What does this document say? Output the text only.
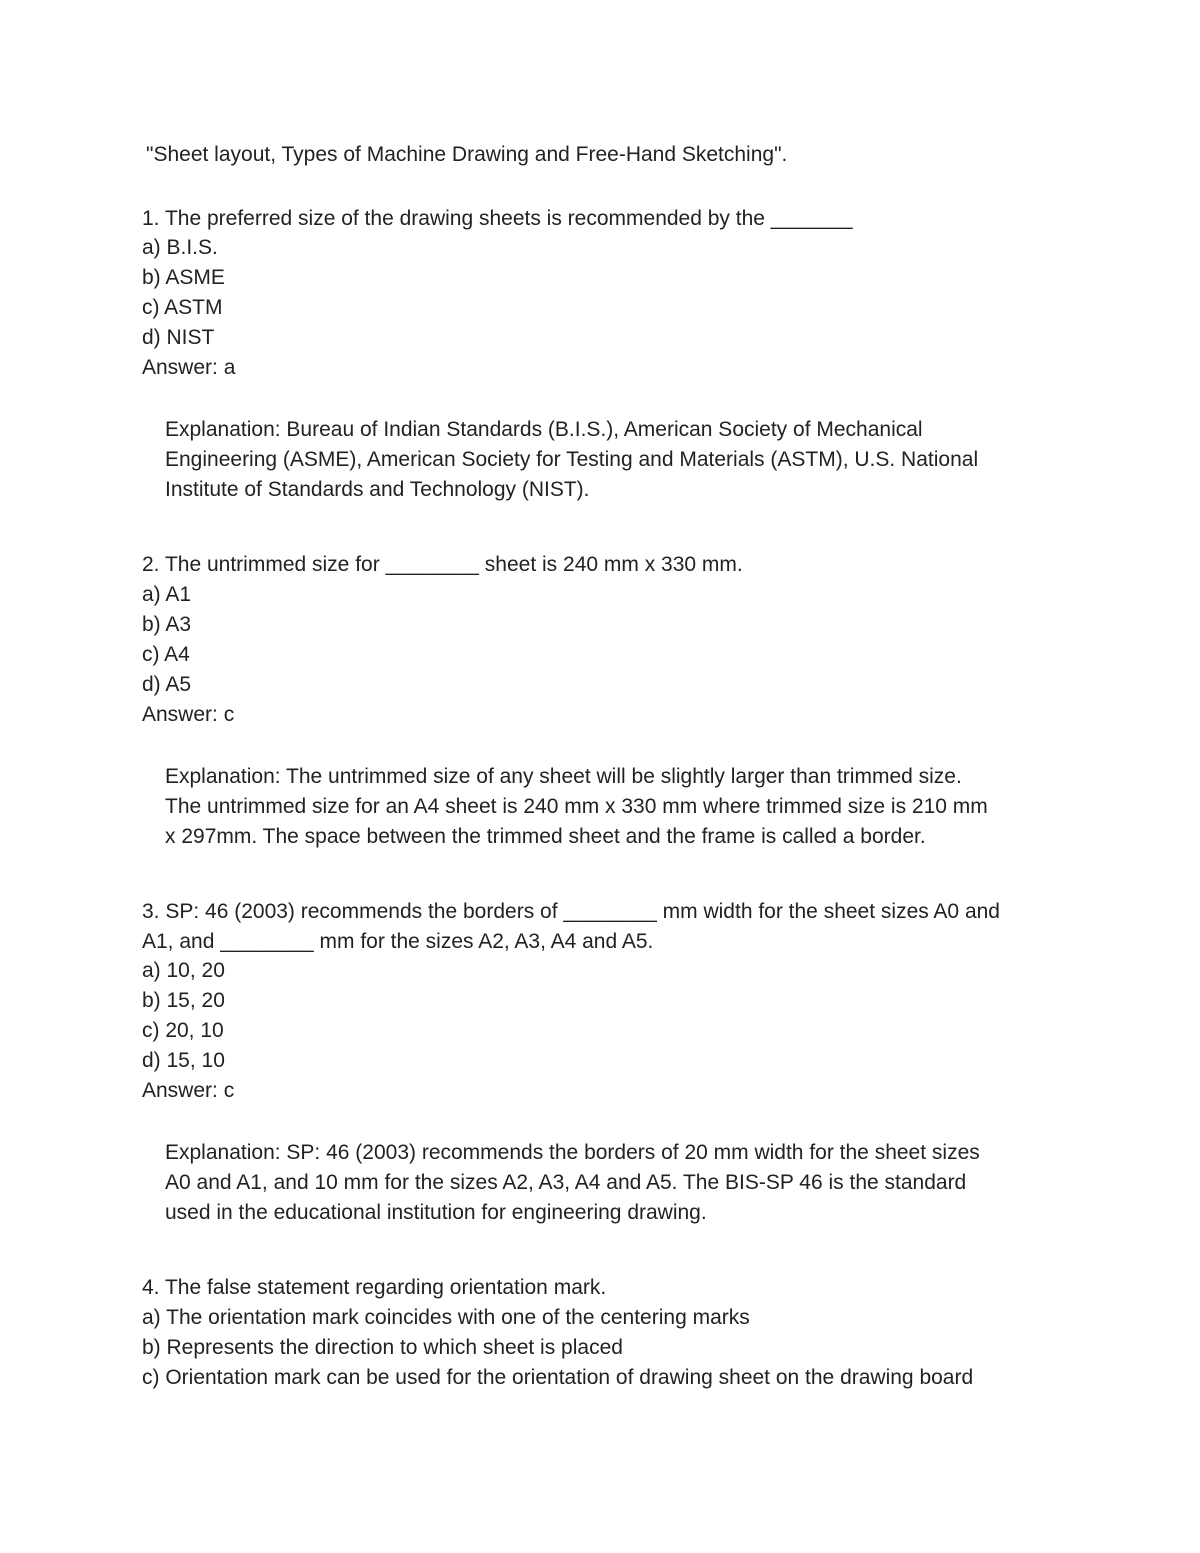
"Sheet layout, Types of Machine Drawing and Free-Hand Sketching".
1. The preferred size of the drawing sheets is recommended by the _______
a) B.I.S.
b) ASME
c) ASTM
d) NIST
Answer: a
Explanation: Bureau of Indian Standards (B.I.S.), American Society of Mechanical
Engineering (ASME), American Society for Testing and Materials (ASTM), U.S. National
Institute of Standards and Technology (NIST).
2. The untrimmed size for ________ sheet is 240 mm x 330 mm.
a) A1
b) A3
c) A4
d) A5
Answer: c
Explanation: The untrimmed size of any sheet will be slightly larger than trimmed size.
The untrimmed size for an A4 sheet is 240 mm x 330 mm where trimmed size is 210 mm
x 297mm. The space between the trimmed sheet and the frame is called a border.
3. SP: 46 (2003) recommends the borders of ________ mm width for the sheet sizes A0 and
A1, and ________ mm for the sizes A2, A3, A4 and A5.
a) 10, 20
b) 15, 20
c) 20, 10
d) 15, 10
Answer: c
Explanation: SP: 46 (2003) recommends the borders of 20 mm width for the sheet sizes
A0 and A1, and 10 mm for the sizes A2, A3, A4 and A5. The BIS-SP 46 is the standard
used in the educational institution for engineering drawing.
4. The false statement regarding orientation mark.
a) The orientation mark coincides with one of the centering marks
b) Represents the direction to which sheet is placed
c) Orientation mark can be used for the orientation of drawing sheet on the drawing board
